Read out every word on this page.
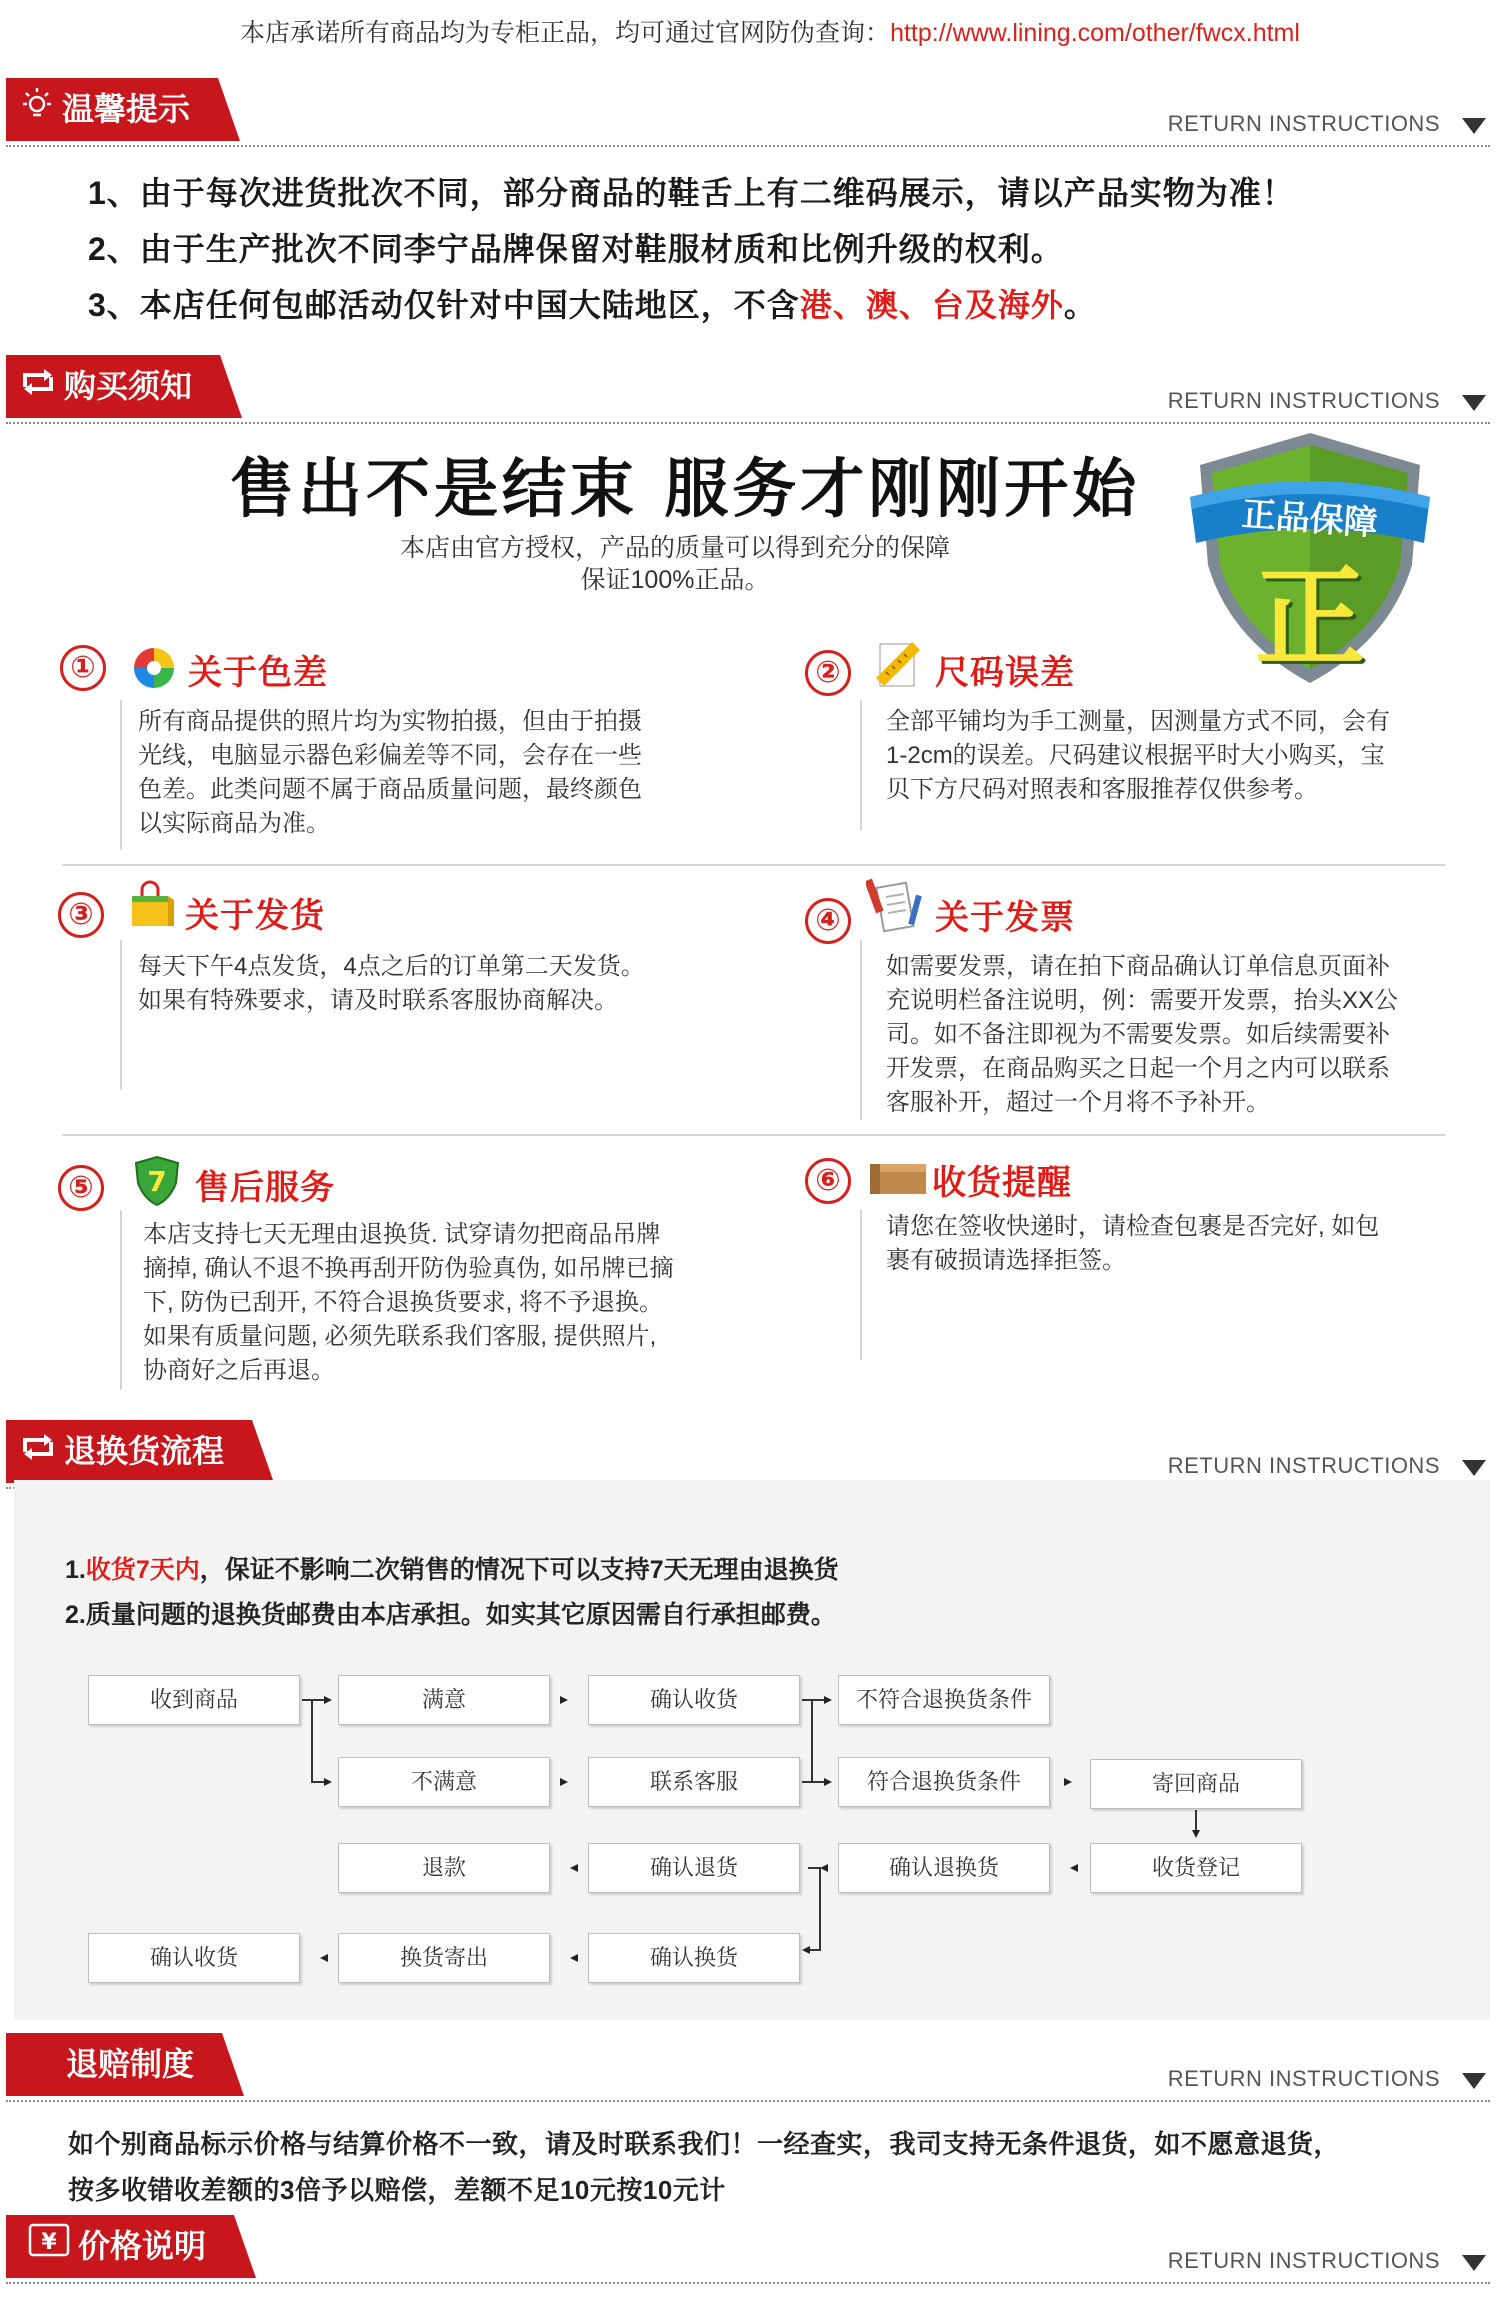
本店承诺所有商品均为专柜正品，均可通过官网防伪查询：http://www.lining.com/other/fwcx.html
温馨提示	RETURN INSTRUCTIONS
1、由于每次进货批次不同，部分商品的鞋舌上有二维码展示，请以产品实物为准！
2、由于生产批次不同李宁品牌保留对鞋服材质和比例升级的权利。
3、本店任何包邮活动仅针对中国大陆地区，不含港、澳、台及海外。
购买须知	RETURN INSTRUCTIONS
售出不是结束 服务才刚刚开始
本店由官方授权，产品的质量可以得到充分的保障
保证100%正品。
正品保障
正
①	关于色差
所有商品提供的照片均为实物拍摄，但由于拍摄
光线，电脑显示器色彩偏差等不同，会存在一些
色差。此类问题不属于商品质量问题，最终颜色
以实际商品为准。
②	尺码误差
全部平铺均为手工测量，因测量方式不同，会有
1-2cm的误差。尺码建议根据平时大小购买，宝
贝下方尺码对照表和客服推荐仅供参考。
③	关于发货
每天下午4点发货，4点之后的订单第二天发货。
如果有特殊要求，请及时联系客服协商解决。
④	关于发票
如需要发票，请在拍下商品确认订单信息页面补
充说明栏备注说明，例：需要开发票，抬头XX公
司。如不备注即视为不需要发票。如后续需要补
开发票，在商品购买之日起一个月之内可以联系
客服补开，超过一个月将不予补开。
⑤	7 售后服务
本店支持七天无理由退换货. 试穿请勿把商品吊牌
摘掉, 确认不退不换再刮开防伪验真伪, 如吊牌已摘
下, 防伪已刮开, 不符合退换货要求, 将不予退换。
如果有质量问题, 必须先联系我们客服, 提供照片,
协商好之后再退。
⑥	收货提醒
请您在签收快递时，请检查包裹是否完好, 如包
裹有破损请选择拒签。
退换货流程	RETURN INSTRUCTIONS
1.收货7天内，保证不影响二次销售的情况下可以支持7天无理由退换货
2.质量问题的退换货邮费由本店承担。如实其它原因需自行承担邮费。
收到商品	满意	确认收货	不符合退换货条件
不满意	联系客服	符合退换货条件	寄回商品
退款	确认退货	确认退换货	收货登记
确认收货	换货寄出	确认换货
退赔制度	RETURN INSTRUCTIONS
如个别商品标示价格与结算价格不一致，请及时联系我们！一经查实，我司支持无条件退货，如不愿意退货，
按多收错收差额的3倍予以赔偿，差额不足10元按10元计
¥ 价格说明	RETURN INSTRUCTIONS
